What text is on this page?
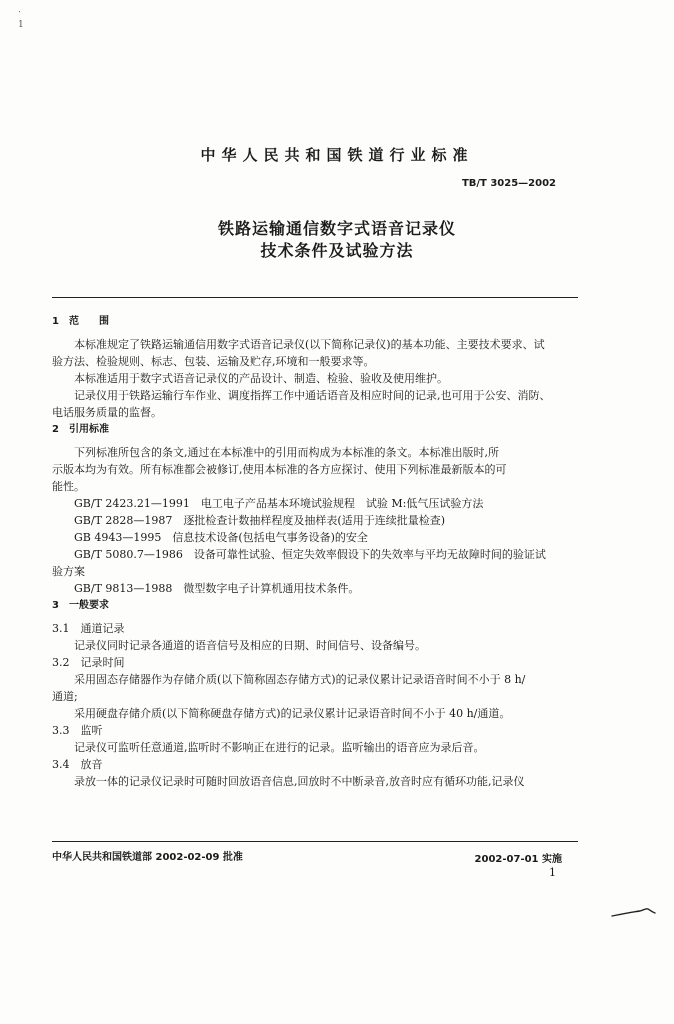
ॱ
1
中华人民共和国铁道行业标准
TB/T 3025—2002
铁路运输通信数字式语音记录仪
技术条件及试验方法
1　范　　围
本标准规定了铁路运输通信用数字式语音记录仪(以下简称记录仪)的基本功能、主要技术要求、试
验方法、检验规则、标志、包装、运输及贮存,环境和一般要求等。
本标准适用于数字式语音记录仪的产品设计、制造、检验、验收及使用维护。
记录仪用于铁路运输行车作业、调度指挥工作中通话语音及相应时间的记录,也可用于公安、消防、
电话服务质量的监督。
2　引用标准
下列标准所包含的条文,通过在本标准中的引用而构成为本标准的条文。本标准出版时,所
示版本均为有效。所有标准都会被修订,使用本标准的各方应探讨、使用下列标准最新版本的可
能性。
GB/T 2423.21—1991　电工电子产品基本环境试验规程　试验 M:低气压试验方法
GB/T 2828—1987　逐批检查计数抽样程度及抽样表(适用于连续批量检查)
GB 4943—1995　信息技术设备(包括电气事务设备)的安全
GB/T 5080.7—1986　设备可靠性试验、恒定失效率假设下的失效率与平均无故障时间的验证试
验方案
GB/T 9813—1988　微型数字电子计算机通用技术条件。
3　一般要求
3.1　通道记录
记录仪同时记录各通道的语音信号及相应的日期、时间信号、设备编号。
3.2　记录时间
采用固态存储器作为存储介质(以下简称固态存储方式)的记录仪累计记录语音时间不小于 8 h/
通道;
采用硬盘存储介质(以下简称硬盘存储方式)的记录仪累计记录语音时间不小于 40 h/通道。
3.3　监听
记录仪可监听任意通道,监听时不影响正在进行的记录。监听输出的语音应为录后音。
3.4　放音
录放一体的记录仪记录时可随时回放语音信息,回放时不中断录音,放音时应有循环功能,记录仪
中华人民共和国铁道部 2002-02-09 批准	2002-07-01 实施
1
